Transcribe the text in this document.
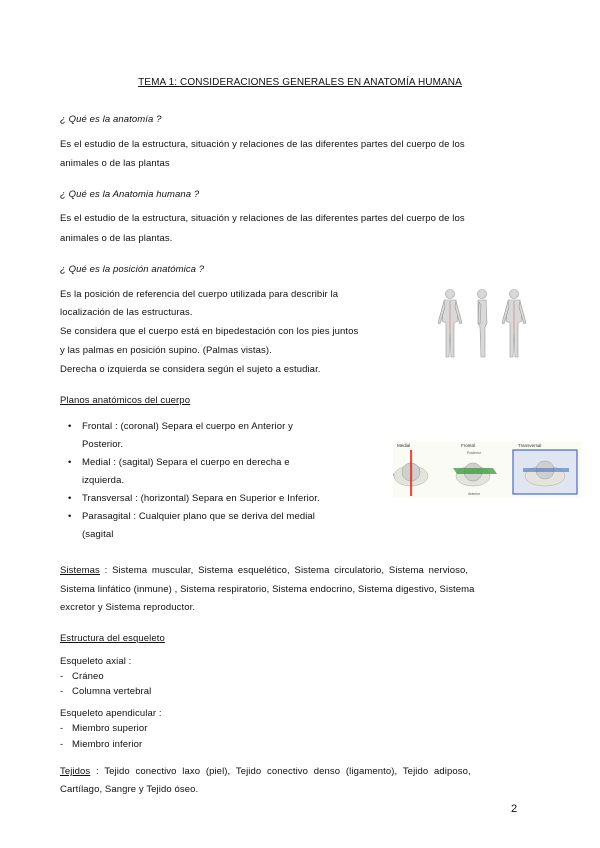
TEMA 1: CONSIDERACIONES GENERALES EN ANATOMÍA HUMANA
¿ Qué es la anatomía ?
Es el estudio de la estructura, situación y relaciones de las diferentes partes del cuerpo de los
animales o de las plantas
¿ Qué es la Anatomia humana ?
Es el estudio de la estructura, situación y relaciones de las diferentes partes del cuerpo de los
animales o de las plantas.
¿ Qué es la posición anatómica ?
Es la posición de referencia del cuerpo utilizada para describir la
localización de las estructuras.
Se considera que el cuerpo está en bipedestación con los pies juntos
y las palmas en posición supino. (Palmas vistas).
Derecha o izquierda se considera según el sujeto a estudiar.
Planos anatómicos del cuerpo
• Frontal : (coronal) Separa el cuerpo en Anterior y
Posterior.
• Medial : (sagital) Separa el cuerpo en derecha e
izquierda.
• Transversal : (horizontal) Separa en Superior e Inferior.
• Parasagital : Cualquier plano que se deriva del medial
(sagital
Medial	Frontal	Transversal
Posterior
Anterior
Sistemas : Sistema muscular, Sistema esquelético, Sistema circulatorio, Sistema nervioso,
Sistema linfático (inmune) , Sistema respiratorio, Sistema endocrino, Sistema digestivo, Sistema
excretor y Sistema reproductor.
Estructura del esqueleto
Esqueleto axial :
- Cráneo
- Columna vertebral
Esqueleto apendicular :
- Miembro superior
- Miembro inferior
Tejidos : Tejido conectivo laxo (piel), Tejido conectivo denso (ligamento), Tejido adiposo,
Cartílago, Sangre y Tejido óseo.
2
